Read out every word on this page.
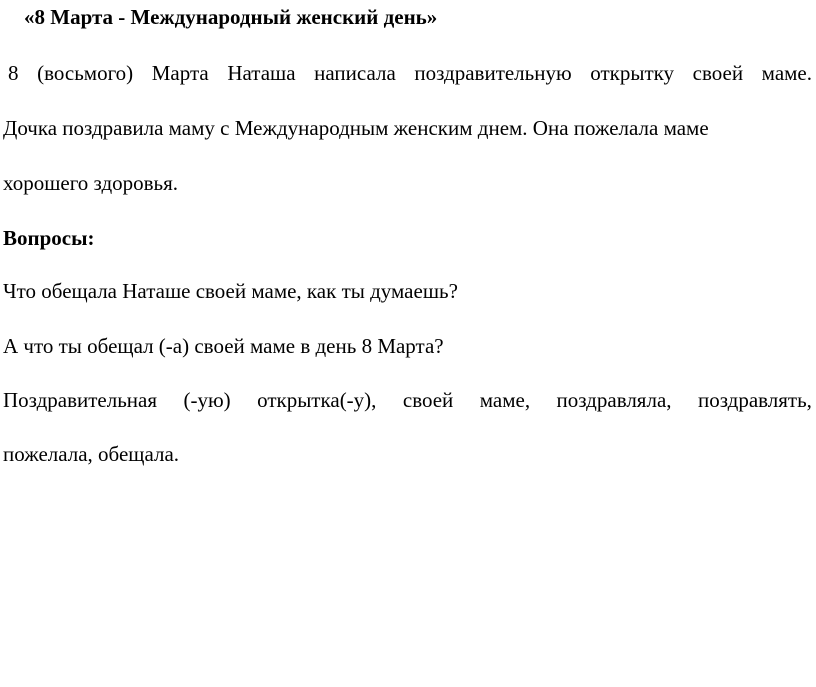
«8 Марта - Международный женский день»
8 (восьмого) Марта Наташа написала поздравительную открытку своей маме.
Дочка поздравила маму с Международным женским днем. Она пожелала маме
хорошего здоровья.
Вопросы:
Что обещала Наташе своей маме, как ты думаешь?
А что ты обещал (-а) своей маме в день 8 Марта?
Поздравительная (-ую) открытка(-у), своей маме, поздравляла, поздравлять,
пожелала, обещала.
